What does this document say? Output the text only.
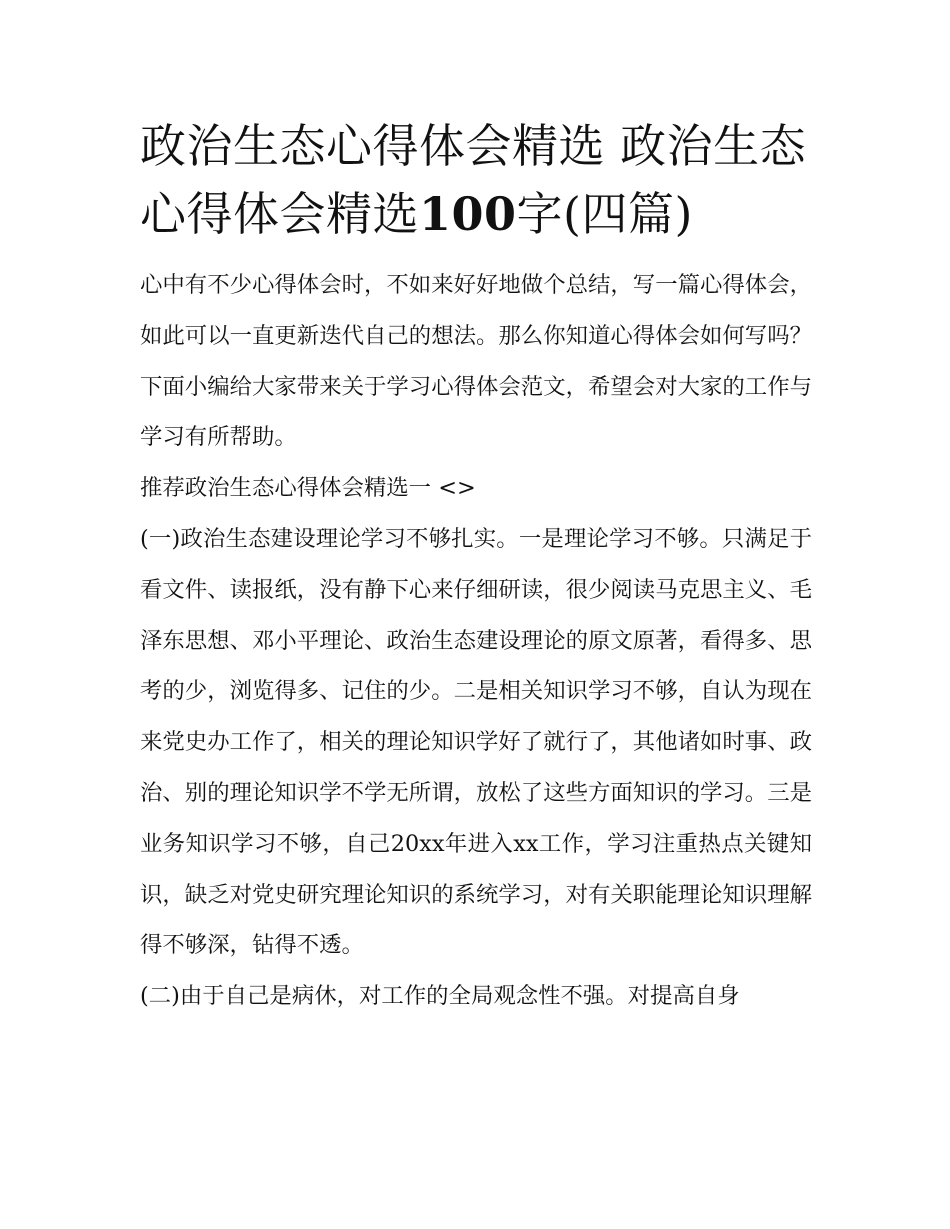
政治生态心得体会精选 政治生态心得体会精选100字(四篇)

心中有不少心得体会时，不如来好好地做个总结，写一篇心得体会，如此可以一直更新迭代自己的想法。那么你知道心得体会如何写吗？下面小编给大家带来关于学习心得体会范文，希望会对大家的工作与学习有所帮助。

推荐政治生态心得体会精选一 <>

(一)政治生态建设理论学习不够扎实。一是理论学习不够。只满足于看文件、读报纸，没有静下心来仔细研读，很少阅读马克思主义、毛泽东思想、邓小平理论、政治生态建设理论的原文原著，看得多、思考的少，浏览得多、记住的少。二是相关知识学习不够，自认为现在来党史办工作了，相关的理论知识学好了就行了，其他诸如时事、政治、别的理论知识学不学无所谓，放松了这些方面知识的学习。三是业务知识学习不够，自己20xx年进入xx工作，学习注重热点关键知识，缺乏对党史研究理论知识的系统学习，对有关职能理论知识理解得不够深，钻得不透。

(二)由于自己是病休，对工作的全局观念性不强。对提高自身
